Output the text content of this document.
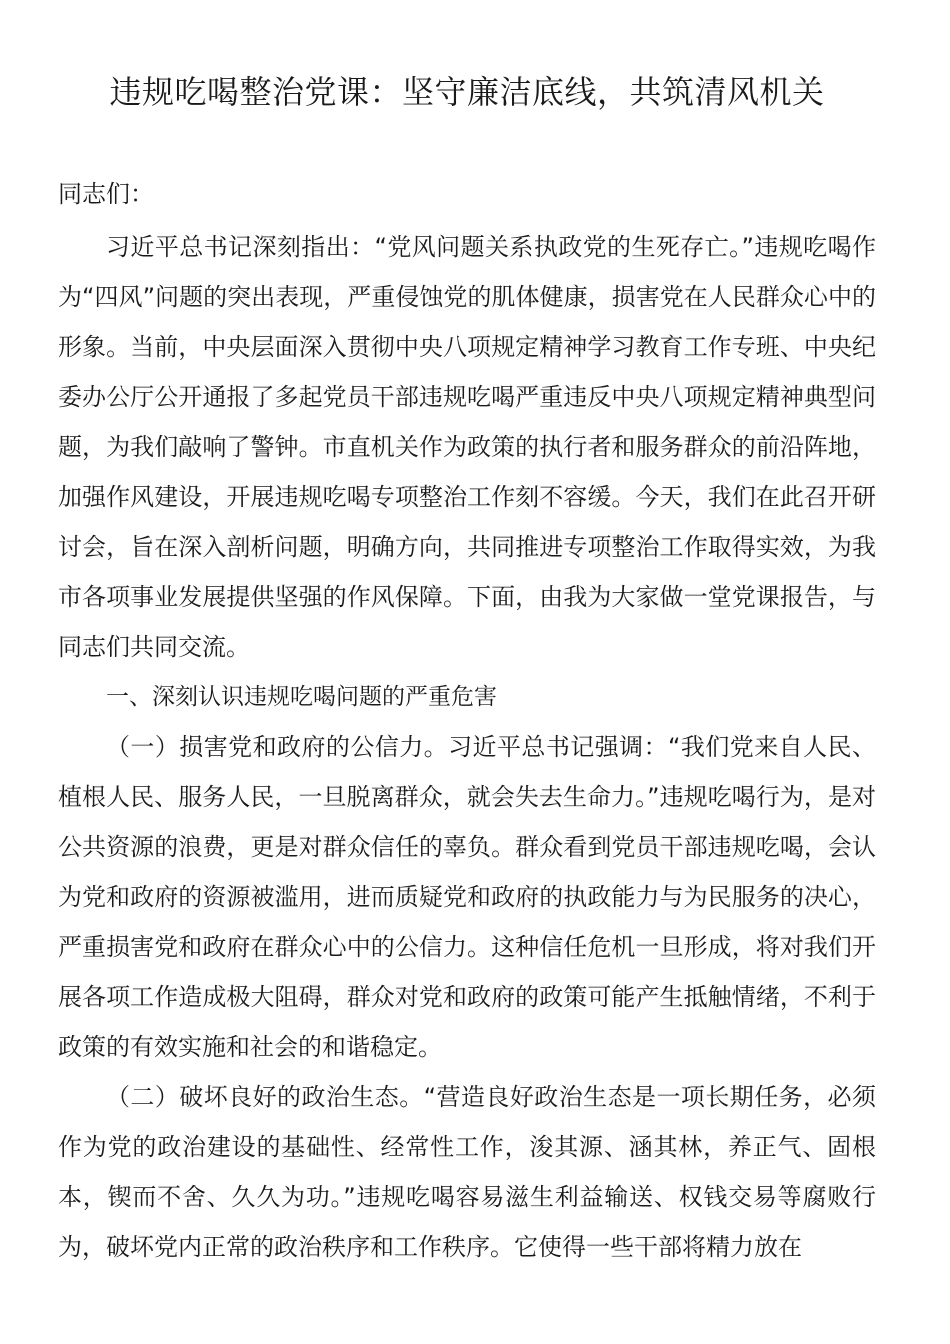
违规吃喝整治党课：坚守廉洁底线，共筑清风机关

同志们：

习近平总书记深刻指出：“党风问题关系执政党的生死存亡。”违规吃喝作为“四风”问题的突出表现，严重侵蚀党的肌体健康，损害党在人民群众心中的形象。当前，中央层面深入贯彻中央八项规定精神学习教育工作专班、中央纪委办公厅公开通报了多起党员干部违规吃喝严重违反中央八项规定精神典型问题，为我们敲响了警钟。市直机关作为政策的执行者和服务群众的前沿阵地，加强作风建设，开展违规吃喝专项整治工作刻不容缓。今天，我们在此召开研讨会，旨在深入剖析问题，明确方向，共同推进专项整治工作取得实效，为我市各项事业发展提供坚强的作风保障。下面，由我为大家做一堂党课报告，与同志们共同交流。

一、深刻认识违规吃喝问题的严重危害

（一）损害党和政府的公信力。习近平总书记强调：“我们党来自人民、植根人民、服务人民，一旦脱离群众，就会失去生命力。”违规吃喝行为，是对公共资源的浪费，更是对群众信任的辜负。群众看到党员干部违规吃喝，会认为党和政府的资源被滥用，进而质疑党和政府的执政能力与为民服务的决心，严重损害党和政府在群众心中的公信力。这种信任危机一旦形成，将对我们开展各项工作造成极大阻碍，群众对党和政府的政策可能产生抵触情绪，不利于政策的有效实施和社会的和谐稳定。

（二）破坏良好的政治生态。“营造良好政治生态是一项长期任务，必须作为党的政治建设的基础性、经常性工作，浚其源、涵其林，养正气、固根本，锲而不舍、久久为功。”违规吃喝容易滋生利益输送、权钱交易等腐败行为，破坏党内正常的政治秩序和工作秩序。它使得一些干部将精力放在
